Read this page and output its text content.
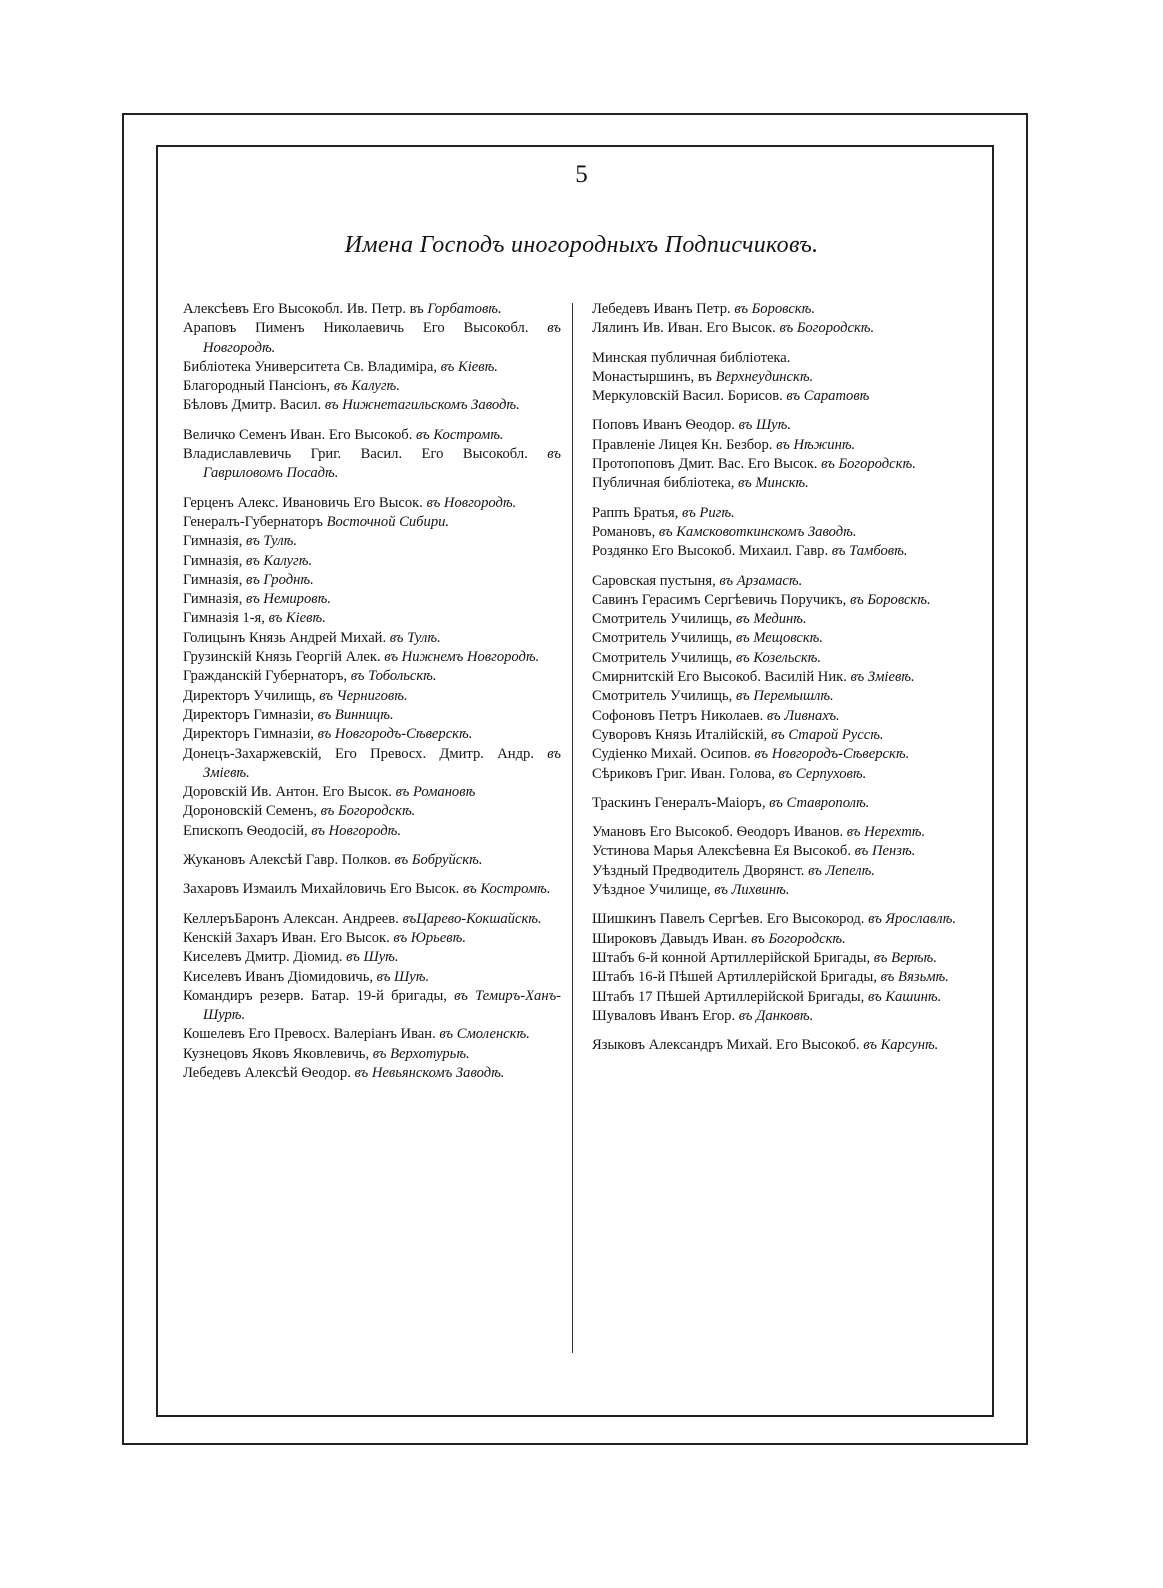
5
Имена Господъ иногородныхъ Подписчиковъ.

Алексѣевъ Его Высокобл. Ив. Петр. въ Горбатовѣ.

Араповъ Пименъ Николаевичь Его Высокобл. въ Новгородѣ.

Библіотека Университета Св. Владиміра, въ Кіевѣ.

Благородный Пансіонъ, въ Калугѣ.

Бѣловъ Дмитр. Васил. въ Нижнетагильскомъ Заводѣ.

Величко Семенъ Иван. Его Высокоб. въ Костромѣ.

Владиславлевичь Григ. Васил. Его Высокобл. въ Гавриловомъ Посадѣ.

Герценъ Алекс. Ивановичь Его Высок. въ Новгородѣ.

Генералъ-Губернаторъ Восточной Сибири.

Гимназія, въ Тулѣ.

Гимназія, въ Калугѣ.

Гимназія, въ Гроднѣ.

Гимназія, въ Немировѣ.

Гимназія 1-я, въ Кіевѣ.

Голицынъ Князь Андрей Михай. въ Тулѣ.

Грузинскій Князь Георгій Алек. въ Нижнемъ Новгородѣ.

Гражданскій Губернаторъ, въ Тобольскѣ.

Директоръ Училищь, въ Черниговѣ.

Директоръ Гимназіи, въ Винницѣ.

Директоръ Гимназіи, въ Новгородъ-Сѣверскѣ.

Донецъ-Захаржевскій, Его Превосх. Дмитр. Андр. въ Зміевѣ.

Доровскій Ив. Антон. Его Высок. въ Романовѣ

Дороновскій Семенъ, въ Богородскѣ.

Епископъ Ѳеодосій, въ Новгородѣ.

Жукановъ Алексѣй Гавр. Полков. въ Бобруйскѣ.

Захаровъ Измаилъ Михайловичь Его Высок. въ Костромѣ.

КеллеръБаронъ Алексан. Андреев. въЦарево-Кокшайскѣ.

Кенскій Захаръ Иван. Его Высок. въ Юрьевѣ.

Киселевъ Дмитр. Діомид. въ Шуѣ.

Киселевъ Иванъ Діомидовичь, въ Шуѣ.

Командиръ резерв. Батар. 19-й бригады, въ Темиръ-Ханъ-Шурѣ.

Кошелевъ Его Превосх. Валеріанъ Иван. въ Смоленскѣ.

Кузнецовъ Яковъ Яковлевичь, въ Верхотурьѣ.

Лебедевъ Алексѣй Ѳеодор. въ Невьянскомъ Заводѣ.

Лебедевъ Иванъ Петр. въ Боровскѣ.

Лялинъ Ив. Иван. Его Высок. въ Богородскѣ.

Минская публичная библіотека.

Монастыршинъ, въ Верхнеудинскѣ.

Меркуловскій Васил. Борисов. въ Саратовѣ

Поповъ Иванъ Ѳеодор. въ Шуѣ.

Правленіе Лицея Кн. Безбор. въ Нѣжинѣ.

Протопоповъ Дмит. Вас. Его Высок. въ Богородскѣ.

Публичная библіотека, въ Минскѣ.

Раппъ Братья, въ Ригѣ.

Романовъ, въ Камсковоткинскомъ Заводѣ.

Роздянко Его Высокоб. Михаил. Гавр. въ Тамбовѣ.

Саровская пустыня, въ Арзамасѣ.

Савинъ Герасимъ Сергѣевичь Поручикъ, въ Боровскѣ.

Смотритель Училищь, въ Мединѣ.

Смотритель Училищь, въ Мещовскѣ.

Смотритель Училищь, въ Козельскѣ.

Смирнитскій Его Высокоб. Василій Ник. въ Зміевѣ.

Смотритель Училищь, въ Перемышлѣ.

Софоновъ Петръ Николаев. въ Ливнахъ.

Суворовъ Князь Италійскій, въ Старой Руссѣ.

Судіенко Михай. Осипов. въ Новгородъ-Сѣверскѣ.

Сѣриковъ Григ. Иван. Голова, въ Серпуховѣ.

Траскинъ Генералъ-Маіоръ, въ Ставрополѣ.

Умановъ Его Высокоб. Ѳеодоръ Иванов. въ Нерехтѣ.

Устинова Марья Алексѣевна Ея Высокоб. въ Пензѣ.

Уѣздный Предводитель Дворянст. въ Лепелѣ.

Уѣздное Училище, въ Лихвинѣ.

Шишкинъ Павелъ Сергѣев. Его Высокород. въ Ярославлѣ.

Широковъ Давыдъ Иван. въ Богородскѣ.

Штабъ 6-й конной Артиллерійской Бригады, въ Верѣѣ.

Штабъ 16-й Пѣшей Артиллерійской Бригады, въ Вязьмѣ.

Штабъ 17 Пѣшей Артиллерійской Бригады, въ Кашинѣ.

Шуваловъ Иванъ Егор. въ Данковѣ.

Языковъ Александръ Михай. Его Высокоб. въ Карсунѣ.
